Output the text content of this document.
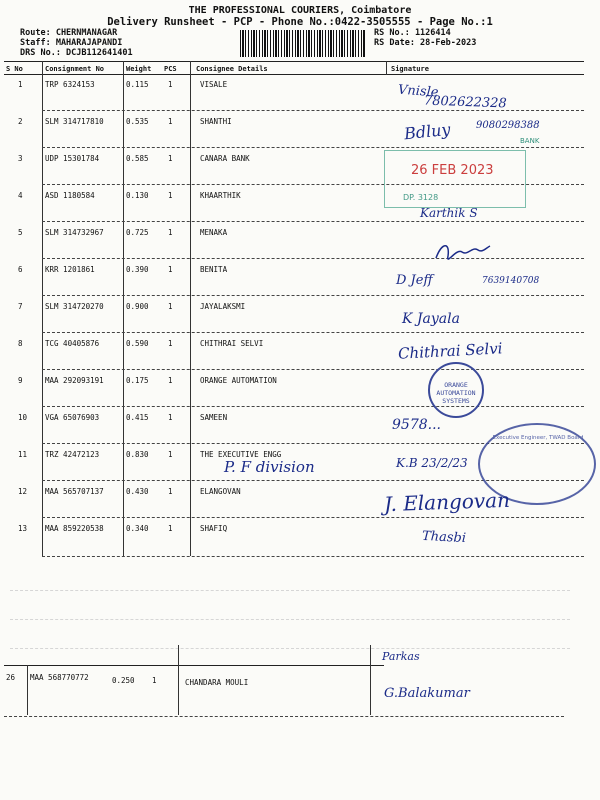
THE PROFESSIONAL COURIERS, Coimbatore
Delivery Runsheet - PCP - Phone No.:0422-3505555 - Page No.:1
Route: CHERNMANAGAR
Staff: MAHARAJAPANDI
DRS No.: DCJB112641401
RS No.: 1126414
RS Date: 28-Feb-2023
S No	Consignment No	Weight PCS	Consignee Details	Signature
1	TRP 6324153	0.115	1	VISALE
2	SLM 314717810	0.535	1	SHANTHI
3	UDP 15301784	0.585	1	CANARA BANK
4	ASD 1180584	0.130	1	KHAARTHIK
5	SLM 314732967	0.725	1	MENAKA
6	KRR 1201861	0.390	1	BENITA
7	SLM 314720270	0.900	1	JAYALAKSMI
8	TCG 40405876	0.590	1	CHITHRAI SELVI
9	MAA 292093191	0.175	1	ORANGE AUTOMATION
10 VGA 65076903	0.415	1	SAMEEN
11 TRZ 42472123	0.830	1	THE EXECUTIVE ENGG
12 MAA 565707137	0.430	1	ELANGOVAN
13 MAA 859220538	0.340	1	SHAFIQ
26 MAA 568770772	0.250 1	CHANDARA MOULI
Vnisle
7802622328
Bdluy 9080298388
BANK
26 FEB 2023
DP. 3128
Karthik S
D Jeff	7639140708
K Jayala
Chithrai Selvi
ORANGE AUTOMATION SYSTEMS
9578...
Executive Engineer, TWAD Board
P. F division	K.B 23/2/23
J. Elangovan
Thasbi
Parkas
G.Balakumar
